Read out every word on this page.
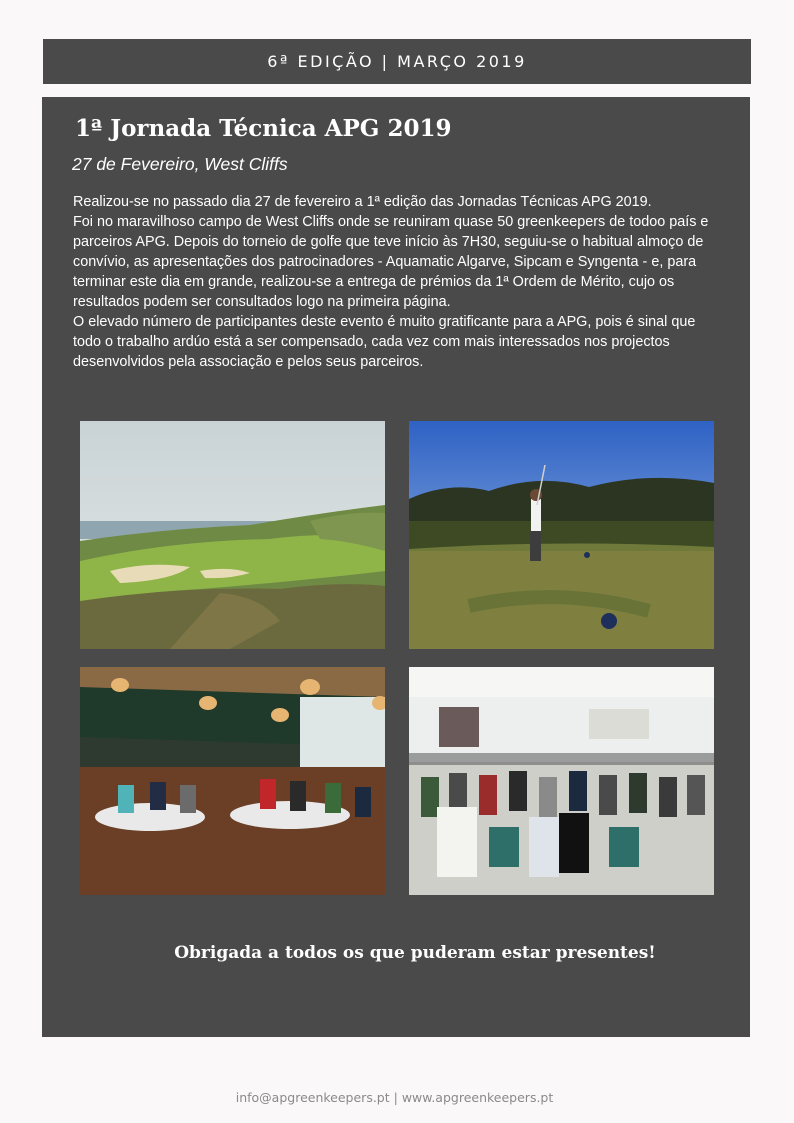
6ª EDIÇÃO | MARÇO 2019
1ª Jornada Técnica APG 2019
27 de Fevereiro, West Cliffs

Realizou-se no passado dia 27 de fevereiro a 1ª edição das Jornadas Técnicas APG 2019.

Foi no maravilhoso campo de West Cliffs onde se reuniram quase 50 greenkeepers de todoo país e parceiros APG. Depois do torneio de golfe que teve início às 7H30, seguiu-se o habitual almoço de convívio, as apresentações dos patrocinadores - Aquamatic Algarve, Sipcam e Syngenta - e, para terminar este dia em grande, realizou-se a entrega de prémios da 1ª Ordem de Mérito, cujo os resultados podem ser consultados logo na primeira página.

O elevado número de participantes deste evento é muito gratificante para a APG, pois é sinal que todo o trabalho ardúo está a ser compensado, cada vez com mais interessados nos projectos desenvolvidos pela associação e pelos seus parceiros.

Obrigada a todos os que puderam estar presentes!
info@apgreenkeepers.pt | www.apgreenkeepers.pt
